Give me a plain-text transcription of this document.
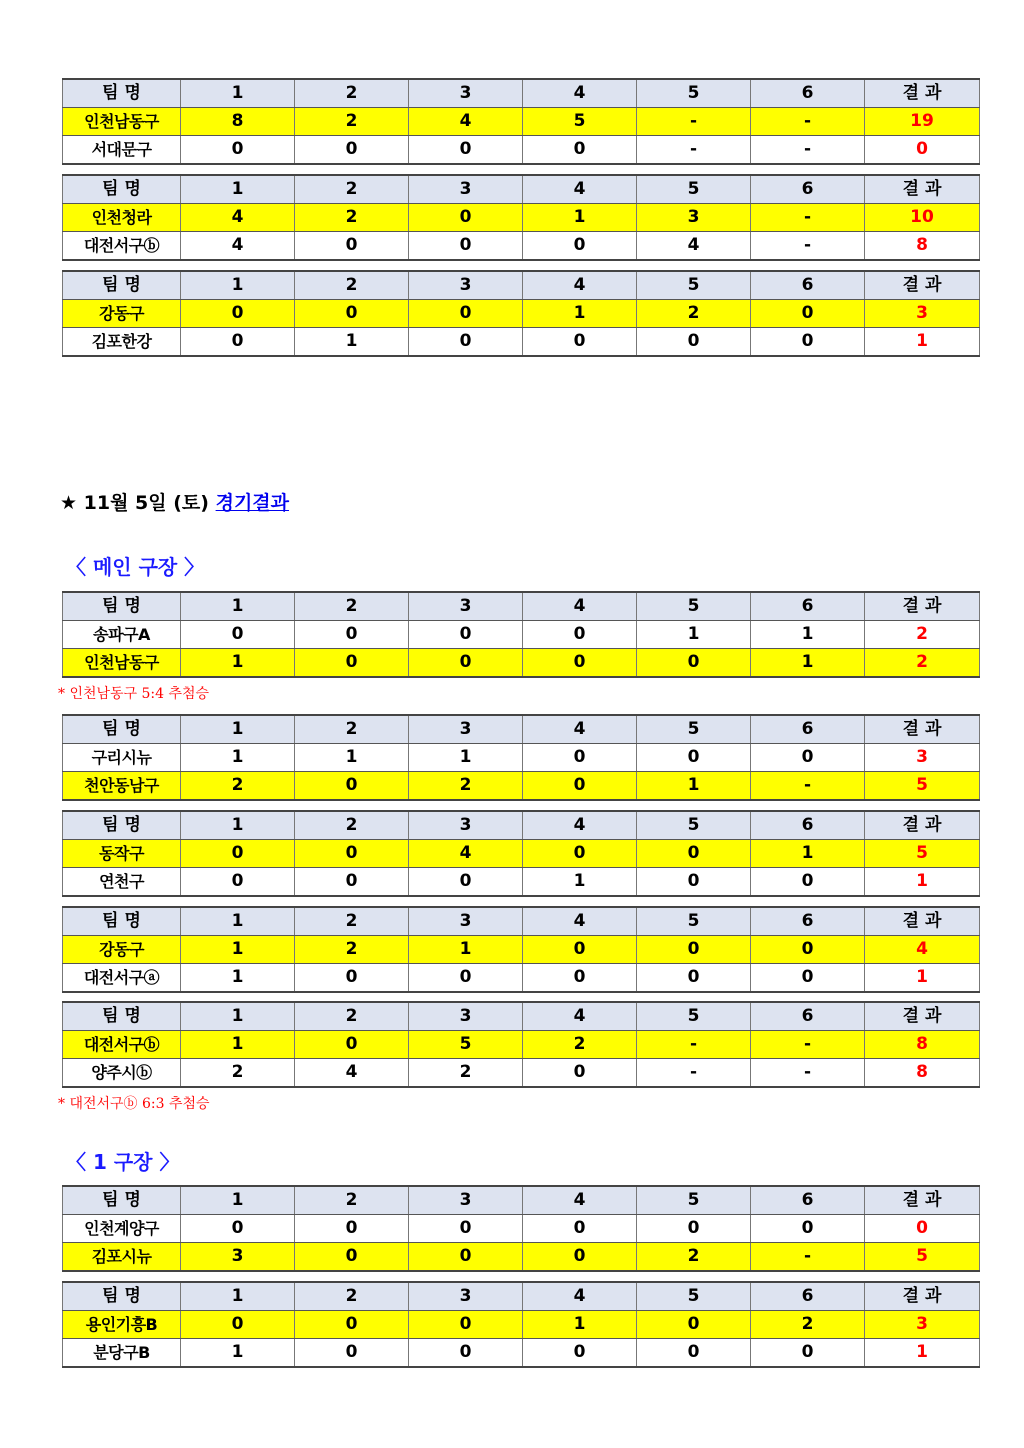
★ 11월 5일 (토) 경기결과
〈 메인 구장 〉
* 인천남동구 5:4 추첨승
* 대전서구ⓑ 6:3 추첨승
〈 1 구장 〉
팀 명	1	2	3	4	5	6	결 과
인천남동구	8	2	4	5	-	-	19
서대문구	0	0	0	0	-	-	0
팀 명	1	2	3	4	5	6	결 과
인천청라	4	2	0	1	3	-	10
대전서구ⓑ	4	0	0	0	4	-	8
팀 명	1	2	3	4	5	6	결 과
강동구	0	0	0	1	2	0	3
김포한강	0	1	0	0	0	0	1
팀 명	1	2	3	4	5	6	결 과
송파구A	0	0	0	0	1	1	2
인천남동구	1	0	0	0	0	1	2
팀 명	1	2	3	4	5	6	결 과
구리시뉴	1	1	1	0	0	0	3
천안동남구	2	0	2	0	1	-	5
팀 명	1	2	3	4	5	6	결 과
동작구	0	0	4	0	0	1	5
연천구	0	0	0	1	0	0	1
팀 명	1	2	3	4	5	6	결 과
강동구	1	2	1	0	0	0	4
대전서구ⓐ	1	0	0	0	0	0	1
팀 명	1	2	3	4	5	6	결 과
대전서구ⓑ	1	0	5	2	-	-	8
양주시ⓑ	2	4	2	0	-	-	8
팀 명	1	2	3	4	5	6	결 과
인천계양구	0	0	0	0	0	0	0
김포시뉴	3	0	0	0	2	-	5
팀 명	1	2	3	4	5	6	결 과
용인기흥B	0	0	0	1	0	2	3
분당구B	1	0	0	0	0	0	1
